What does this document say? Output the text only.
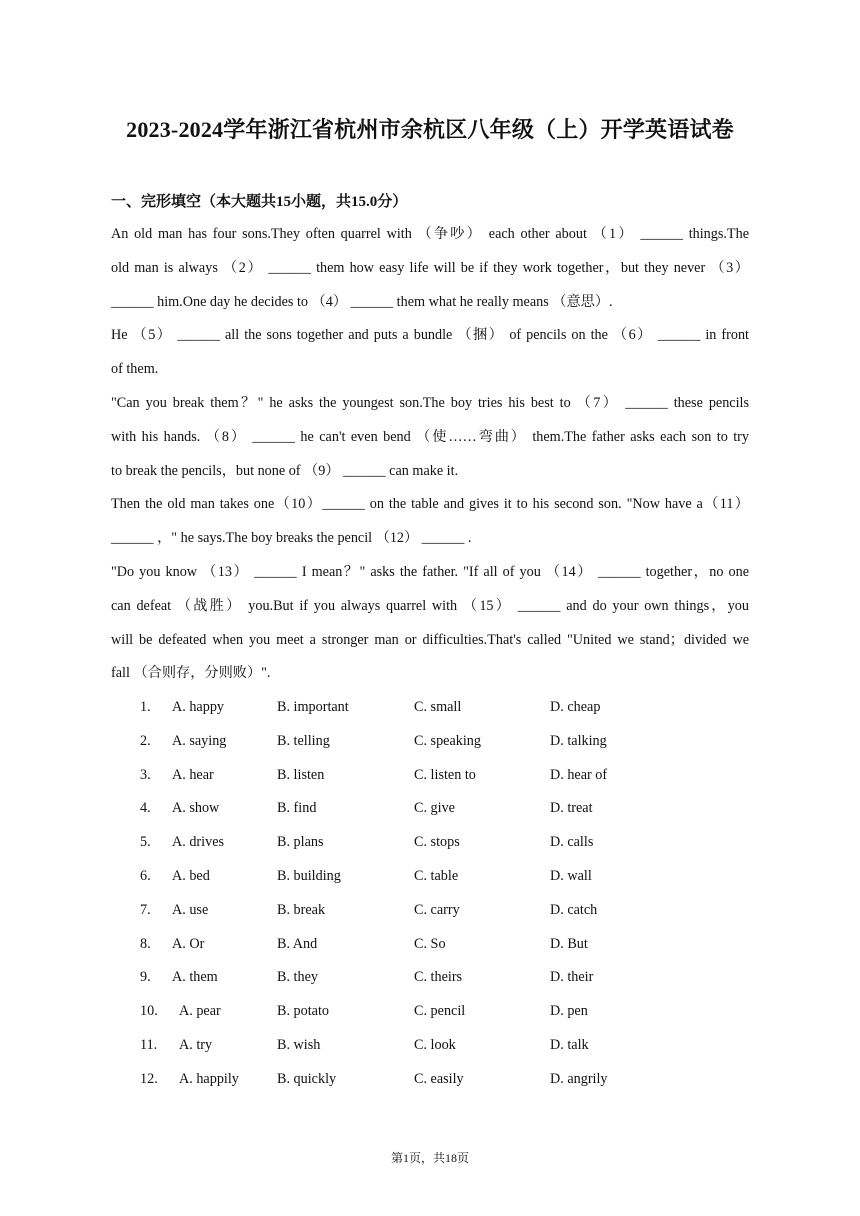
2023-2024学年浙江省杭州市余杭区八年级（上）开学英语试卷
一、完形填空（本大题共15小题，共15.0分）
An old man has four sons.They often quarrel with （争吵） each other about （1） ______ things.The
old man is always （2） ______ them how easy life will be if they work together，but they never （3）
______ him.One day he decides to （4） ______ them what he really means （意思）.
He （5） ______ all the sons together and puts a bundle （捆） of pencils on the （6） ______ in front
of them.
"Can you break them？" he asks the youngest son.The boy tries his best to （7） ______ these pencils
with his hands. （8） ______ he can't even bend （使……弯曲） them.The father asks each son to try
to break the pencils，but none of （9） ______ can make it.
Then the old man takes one（10）______ on the table and gives it to his second son. "Now have a（11）
______ ，" he says.The boy breaks the pencil （12） ______ .
"Do you know （13） ______ I mean？" asks the father. "If all of you （14） ______ together，no one
can defeat （战胜） you.But if you always quarrel with （15） ______ and do your own things，you
will be defeated when you meet a stronger man or difficulties.That's called "United we stand；divided we
fall （合则存，分则败）".
1. A. happy	B. important	C. small	D. cheap
2. A. saying	B. telling	C. speaking	D. talking
3. A. hear	B. listen	C. listen to	D. hear of
4. A. show	B. find	C. give	D. treat
5. A. drives	B. plans	C. stops	D. calls
6. A. bed	B. building	C. table	D. wall
7. A. use	B. break	C. carry	D. catch
8. A. Or	B. And	C. So	D. But
9. A. them	B. they	C. theirs	D. their
10. A. pear	B. potato	C. pencil	D. pen
11. A. try	B. wish	C. look	D. talk
12. A. happily	B. quickly	C. easily	D. angrily
第1页，共18页
